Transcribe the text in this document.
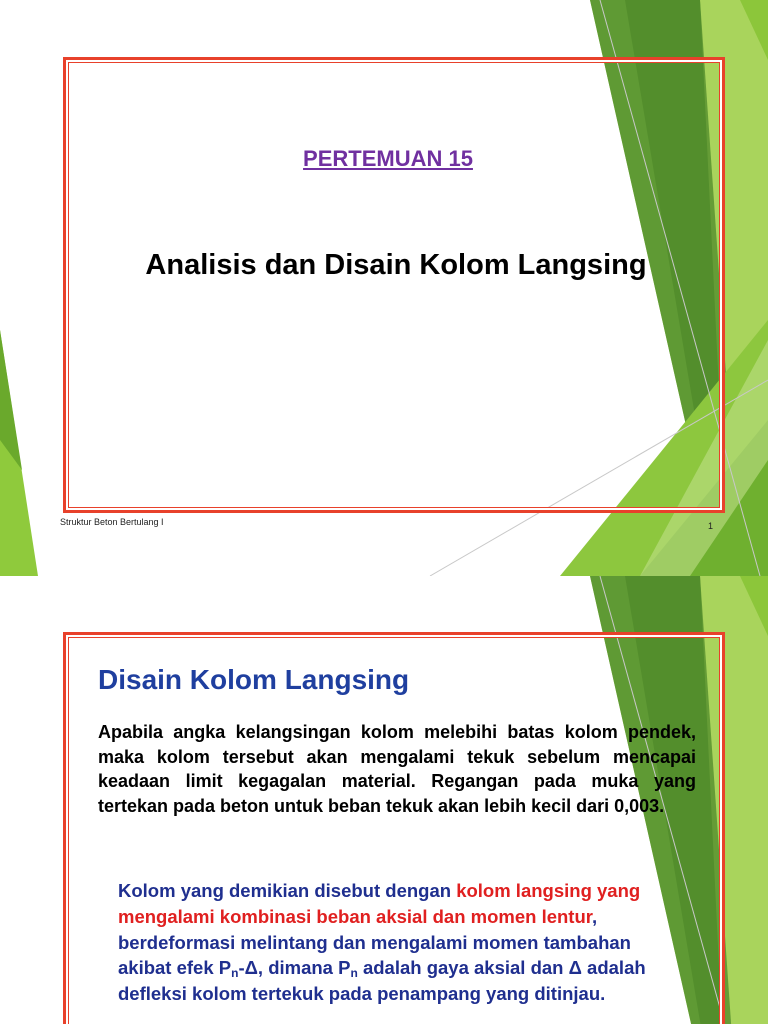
PERTEMUAN 15
Analisis dan Disain Kolom Langsing
Struktur Beton Bertulang I	1
Disain Kolom Langsing

Apabila angka kelangsingan kolom melebihi batas kolom pendek, maka kolom tersebut akan mengalami tekuk sebelum mencapai keadaan limit kegagalan material. Regangan pada muka yang tertekan pada beton untuk beban tekuk akan lebih kecil dari 0,003.

Kolom yang demikian disebut dengan kolom langsing yang mengalami kombinasi beban aksial dan momen lentur, berdeformasi melintang dan mengalami momen tambahan akibat efek $P_n-\Delta$, dimana $P_n$ adalah gaya aksial dan Δ adalah defleksi kolom tertekuk pada penampang yang ditinjau.
